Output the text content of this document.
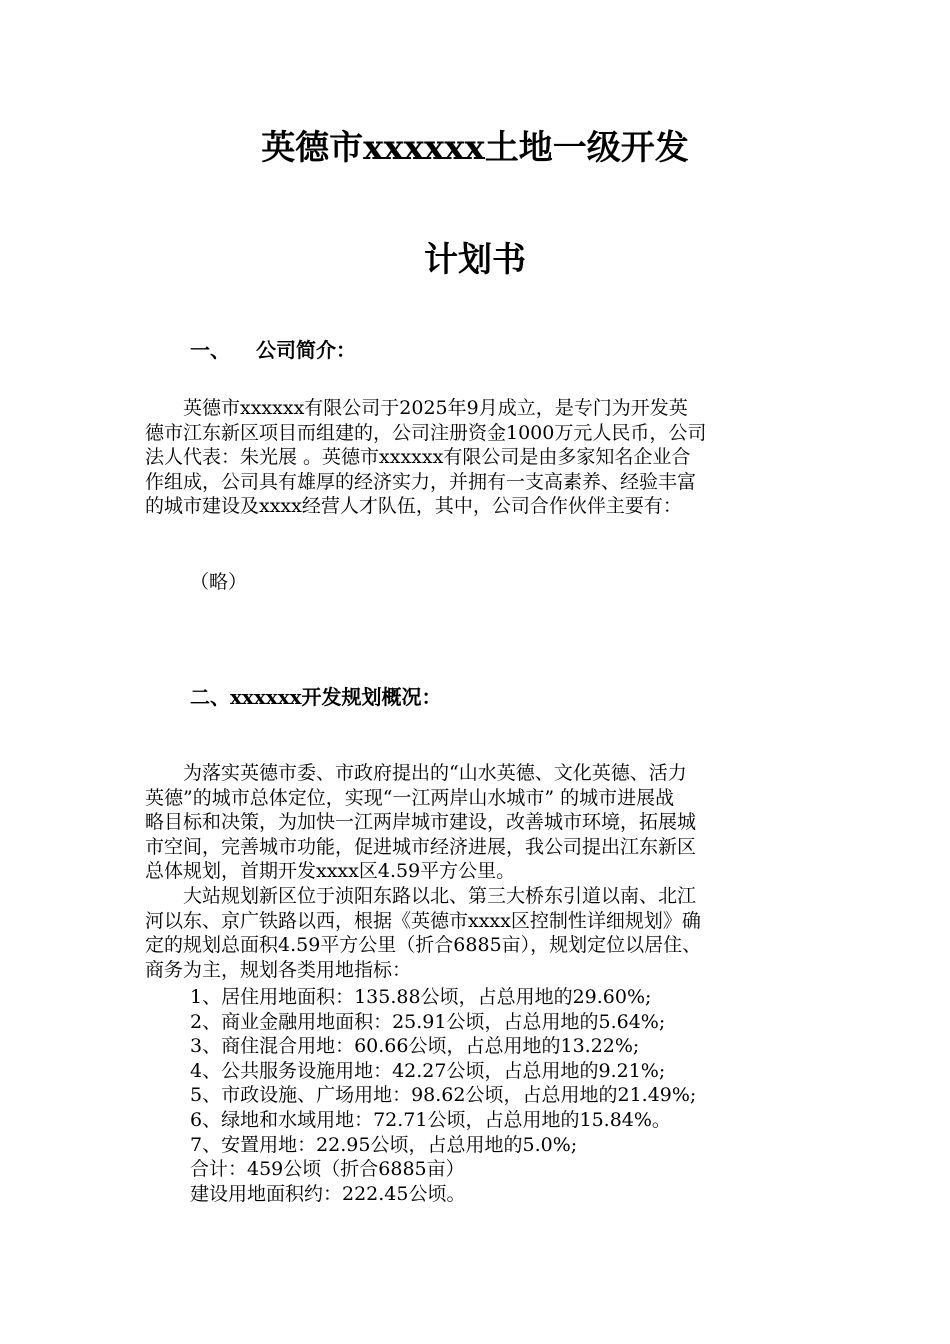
英德市xxxxxx土地一级开发
计划书
一、 公司简介：
　　英德市xxxxxx有限公司于2025年9月成立，是专门为开发英
德市江东新区项目而组建的，公司注册资金1000万元人民币，公司
法人代表：朱光展 。英德市xxxxxx有限公司是由多家知名企业合
作组成，公司具有雄厚的经济实力，并拥有一支高素养、经验丰富
的城市建设及xxxx经营人才队伍，其中，公司合作伙伴主要有：

（略）

二、xxxxxx开发规划概况：
　　为落实英德市委、市政府提出的“山水英德、文化英德、活力
英德”的城市总体定位，实现“一江两岸山水城市” 的城市进展战
略目标和决策，为加快一江两岸城市建设，改善城市环境，拓展城
市空间，完善城市功能，促进城市经济进展，我公司提出江东新区
总体规划，首期开发xxxx区4.59平方公里。
　　大站规划新区位于浈阳东路以北、第三大桥东引道以南、北江
河以东、京广铁路以西，根据《英德市xxxx区控制性详细规划》确
定的规划总面积4.59平方公里（折合6885亩），规划定位以居住、
商务为主，规划各类用地指标：
1、居住用地面积：135.88公顷，占总用地的29.60%;
2、商业金融用地面积：25.91公顷，占总用地的5.64%;
3、商住混合用地：60.66公顷，占总用地的13.22%;
4、公共服务设施用地：42.27公顷，占总用地的9.21%;
5、市政设施、广场用地：98.62公顷，占总用地的21.49%;
6、绿地和水域用地：72.71公顷，占总用地的15.84%。
7、安置用地：22.95公顷，占总用地的5.0%;

合计：459公顷（折合6885亩）

建设用地面积约：222.45公顷。
